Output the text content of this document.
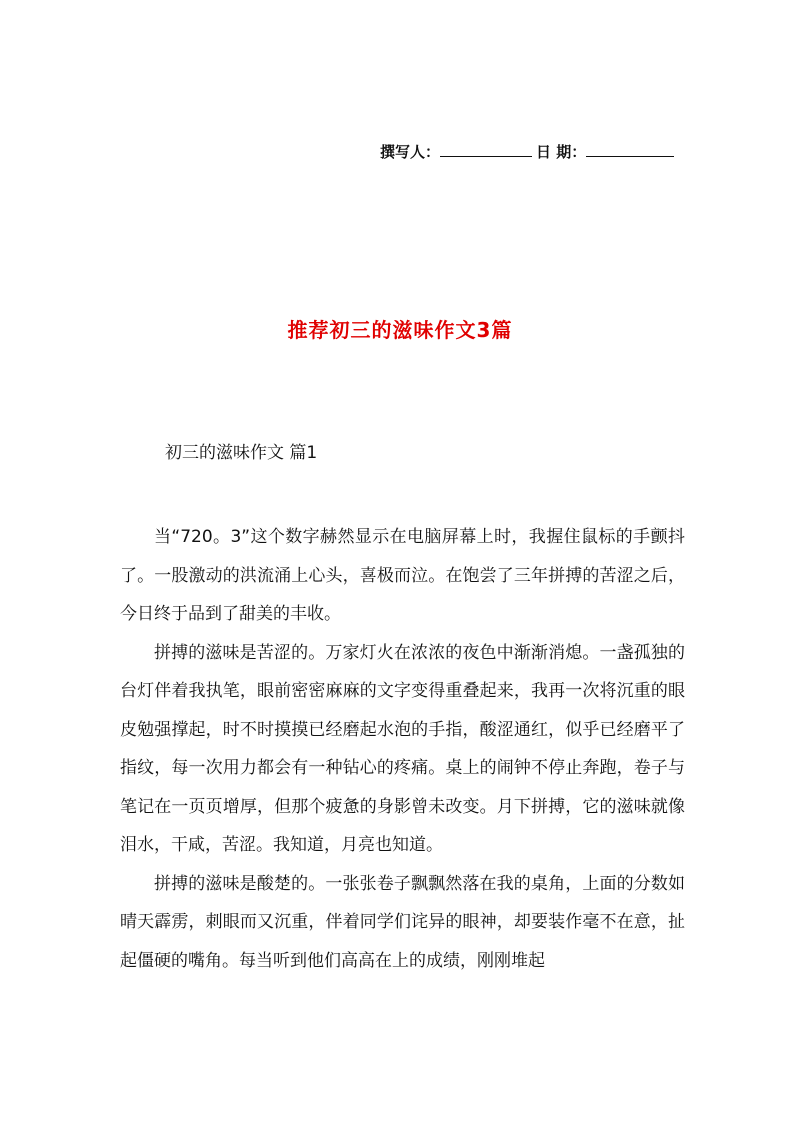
撰写人：	日 期：
推荐初三的滋味作文3篇
初三的滋味作文 篇1

当“720。3”这个数字赫然显示在电脑屏幕上时，我握住鼠标的手颤抖了。一股激动的洪流涌上心头，喜极而泣。在饱尝了三年拼搏的苦涩之后，今日终于品到了甜美的丰收。

拼搏的滋味是苦涩的。万家灯火在浓浓的夜色中渐渐消熄。一盏孤独的台灯伴着我执笔，眼前密密麻麻的文字变得重叠起来，我再一次将沉重的眼皮勉强撑起，时不时摸摸已经磨起水泡的手指，酸涩通红，似乎已经磨平了指纹，每一次用力都会有一种钻心的疼痛。桌上的闹钟不停止奔跑，卷子与笔记在一页页增厚，但那个疲惫的身影曾未改变。月下拼搏，它的滋味就像泪水，干咸，苦涩。我知道，月亮也知道。

拼搏的滋味是酸楚的。一张张卷子飘飘然落在我的桌角，上面的分数如晴天霹雳，刺眼而又沉重，伴着同学们诧异的眼神，却要装作毫不在意，扯起僵硬的嘴角。每当听到他们高高在上的成绩，刚刚堆起
